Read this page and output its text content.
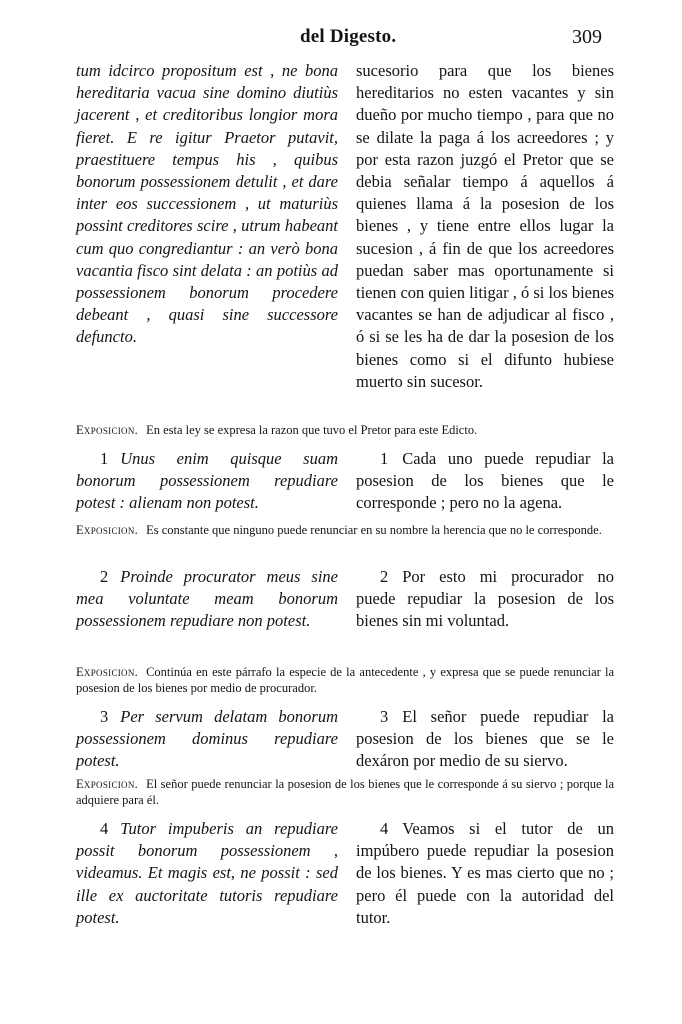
del Digesto.	309

tum idcirco propositum est , ne bona hereditaria vacua sine domino diutiùs jacerent , et creditoribus longior mora fieret. E re igitur Praetor putavit, praestituere tempus his , quibus bonorum possessionem detulit , et dare inter eos successionem , ut maturiùs possint creditores scire , utrum habeant cum quo congrediantur : an verò bona vacantia fisco sint delata : an potiùs ad possessionem bonorum procedere debeant , quasi sine successore defuncto.

sucesorio para que los bienes hereditarios no esten vacantes y sin dueño por mucho tiempo , para que no se dilate la paga á los acreedores ; y por esta razon juzgó el Pretor que se debia señalar tiempo á aquellos á quienes llama á la posesion de los bienes , y tiene entre ellos lugar la sucesion , á fin de que los acreedores puedan saber mas oportunamente si tienen con quien litigar , ó si los bienes vacantes se han de adjudicar al fisco , ó si se les ha de dar la posesion de los bienes como si el difunto hubiese muerto sin sucesor.

Exposicion. En esta ley se expresa la razon que tuvo el Pretor para este Edicto.

1 Unus enim quisque suam bonorum possessionem repudiare potest : alienam non potest.

1 Cada uno puede repudiar la posesion de los bienes que le corresponde ; pero no la agena.

Exposicion. Es constante que ninguno puede renunciar en su nombre la herencia que no le corresponde.

2 Proinde procurator meus sine mea voluntate meam bonorum possessionem repudiare non potest.

2 Por esto mi procurador no puede repudiar la posesion de los bienes sin mi voluntad.

Exposicion. Continúa en este párrafo la especie de la antecedente , y expresa que se puede renunciar la posesion de los bienes por medio de procurador.

3 Per servum delatam bonorum possessionem dominus repudiare potest.

3 El señor puede repudiar la posesion de los bienes que se le dexáron por medio de su siervo.

Exposicion. El señor puede renunciar la posesion de los bienes que le corresponde á su siervo ; porque la adquiere para él.

4 Tutor impuberis an repudiare possit bonorum possessionem , videamus. Et magis est, ne possit : sed ille ex auctoritate tutoris repudiare potest.

4 Veamos si el tutor de un impúbero puede repudiar la posesion de los bienes. Y es mas cierto que no ; pero él puede con la autoridad del tutor.
